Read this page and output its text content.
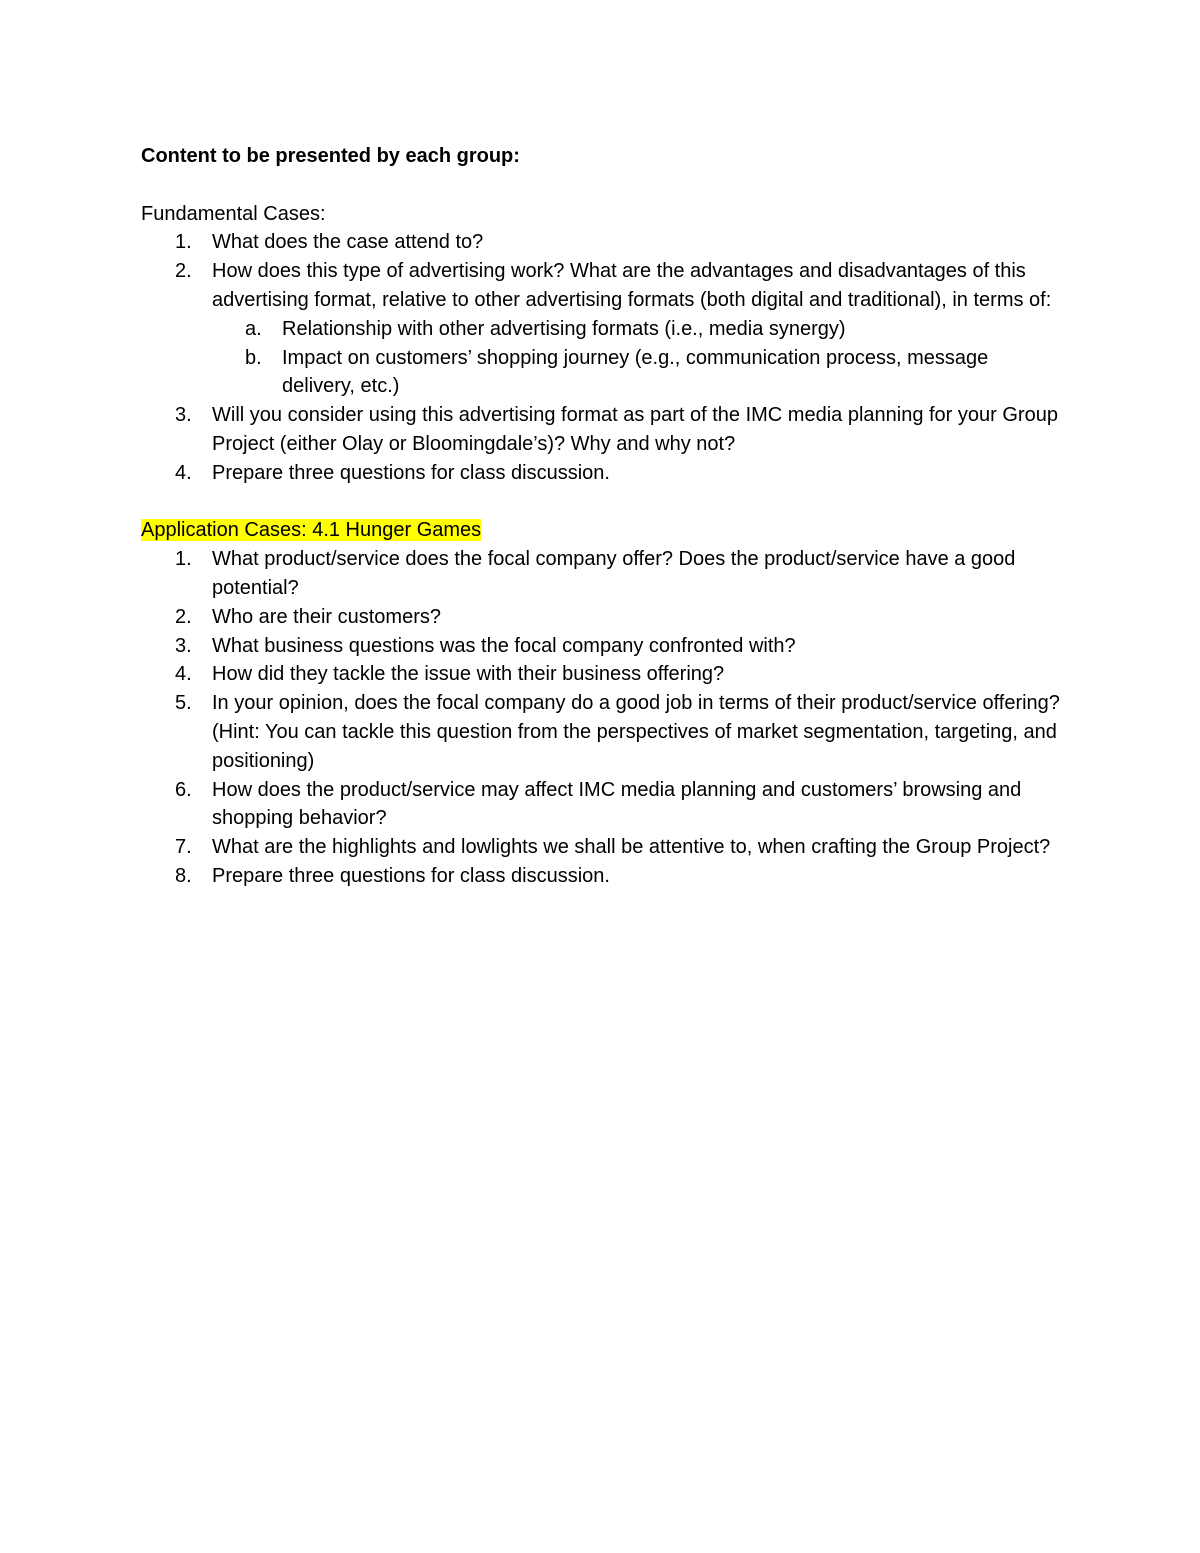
Content to be presented by each group:

Fundamental Cases:

1. What does the case attend to?
2. How does this type of advertising work? What are the advantages and disadvantages of this advertising format, relative to other advertising formats (both digital and traditional), in terms of:
a. Relationship with other advertising formats (i.e., media synergy)
b. Impact on customers’ shopping journey (e.g., communication process, message delivery, etc.)
3. Will you consider using this advertising format as part of the IMC media planning for your Group Project (either Olay or Bloomingdale’s)? Why and why not?
4. Prepare three questions for class discussion.

Application Cases: 4.1 Hunger Games

1. What product/service does the focal company offer? Does the product/service have a good potential?
2. Who are their customers?
3. What business questions was the focal company confronted with?
4. How did they tackle the issue with their business offering?
5. In your opinion, does the focal company do a good job in terms of their product/service offering? (Hint: You can tackle this question from the perspectives of market segmentation, targeting, and positioning)
6. How does the product/service may affect IMC media planning and customers’ browsing and shopping behavior?
7. What are the highlights and lowlights we shall be attentive to, when crafting the Group Project?
8. Prepare three questions for class discussion.
